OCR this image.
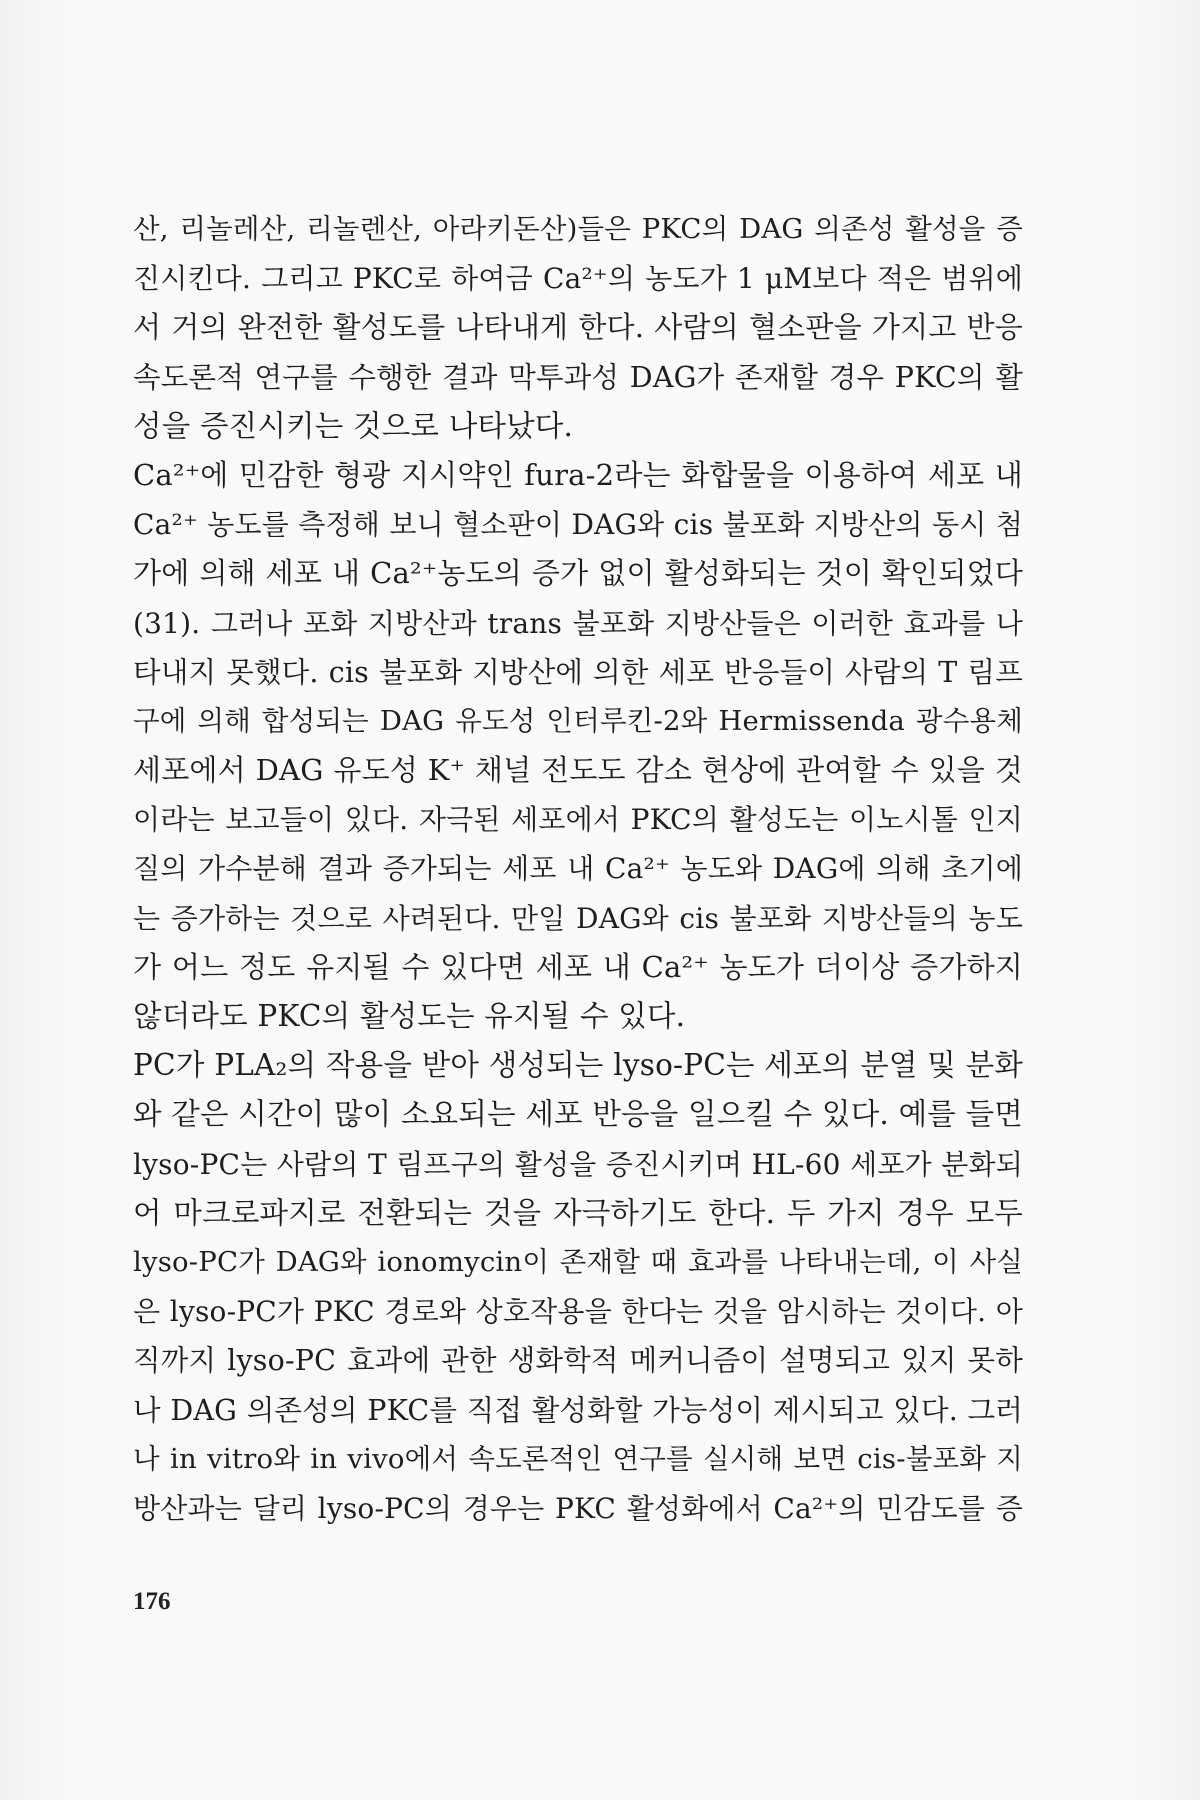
산, 리놀레산, 리놀렌산, 아라키돈산)들은 PKC의 DAG 의존성 활성을 증
진시킨다. 그리고 PKC로 하여금 Ca²⁺의 농도가 1 μM보다 적은 범위에
서 거의 완전한 활성도를 나타내게 한다. 사람의 혈소판을 가지고 반응
속도론적 연구를 수행한 결과 막투과성 DAG가 존재할 경우 PKC의 활
성을 증진시키는 것으로 나타났다.
Ca²⁺에 민감한 형광 지시약인 fura-2라는 화합물을 이용하여 세포 내
Ca²⁺ 농도를 측정해 보니 혈소판이 DAG와 cis 불포화 지방산의 동시 첨
가에 의해 세포 내 Ca²⁺농도의 증가 없이 활성화되는 것이 확인되었다
(31). 그러나 포화 지방산과 trans 불포화 지방산들은 이러한 효과를 나
타내지 못했다. cis 불포화 지방산에 의한 세포 반응들이 사람의 T 림프
구에 의해 합성되는 DAG 유도성 인터루킨-2와 Hermissenda 광수용체
세포에서 DAG 유도성 K⁺ 채널 전도도 감소 현상에 관여할 수 있을 것
이라는 보고들이 있다. 자극된 세포에서 PKC의 활성도는 이노시톨 인지
질의 가수분해 결과 증가되는 세포 내 Ca²⁺ 농도와 DAG에 의해 초기에
는 증가하는 것으로 사려된다. 만일 DAG와 cis 불포화 지방산들의 농도
가 어느 정도 유지될 수 있다면 세포 내 Ca²⁺ 농도가 더이상 증가하지
않더라도 PKC의 활성도는 유지될 수 있다.
PC가 PLA₂의 작용을 받아 생성되는 lyso-PC는 세포의 분열 및 분화
와 같은 시간이 많이 소요되는 세포 반응을 일으킬 수 있다. 예를 들면
lyso-PC는 사람의 T 림프구의 활성을 증진시키며 HL-60 세포가 분화되
어 마크로파지로 전환되는 것을 자극하기도 한다. 두 가지 경우 모두
lyso-PC가 DAG와 ionomycin이 존재할 때 효과를 나타내는데, 이 사실
은 lyso-PC가 PKC 경로와 상호작용을 한다는 것을 암시하는 것이다. 아
직까지 lyso-PC 효과에 관한 생화학적 메커니즘이 설명되고 있지 못하
나 DAG 의존성의 PKC를 직접 활성화할 가능성이 제시되고 있다. 그러
나 in vitro와 in vivo에서 속도론적인 연구를 실시해 보면 cis-불포화 지
방산과는 달리 lyso-PC의 경우는 PKC 활성화에서 Ca²⁺의 민감도를 증
176
